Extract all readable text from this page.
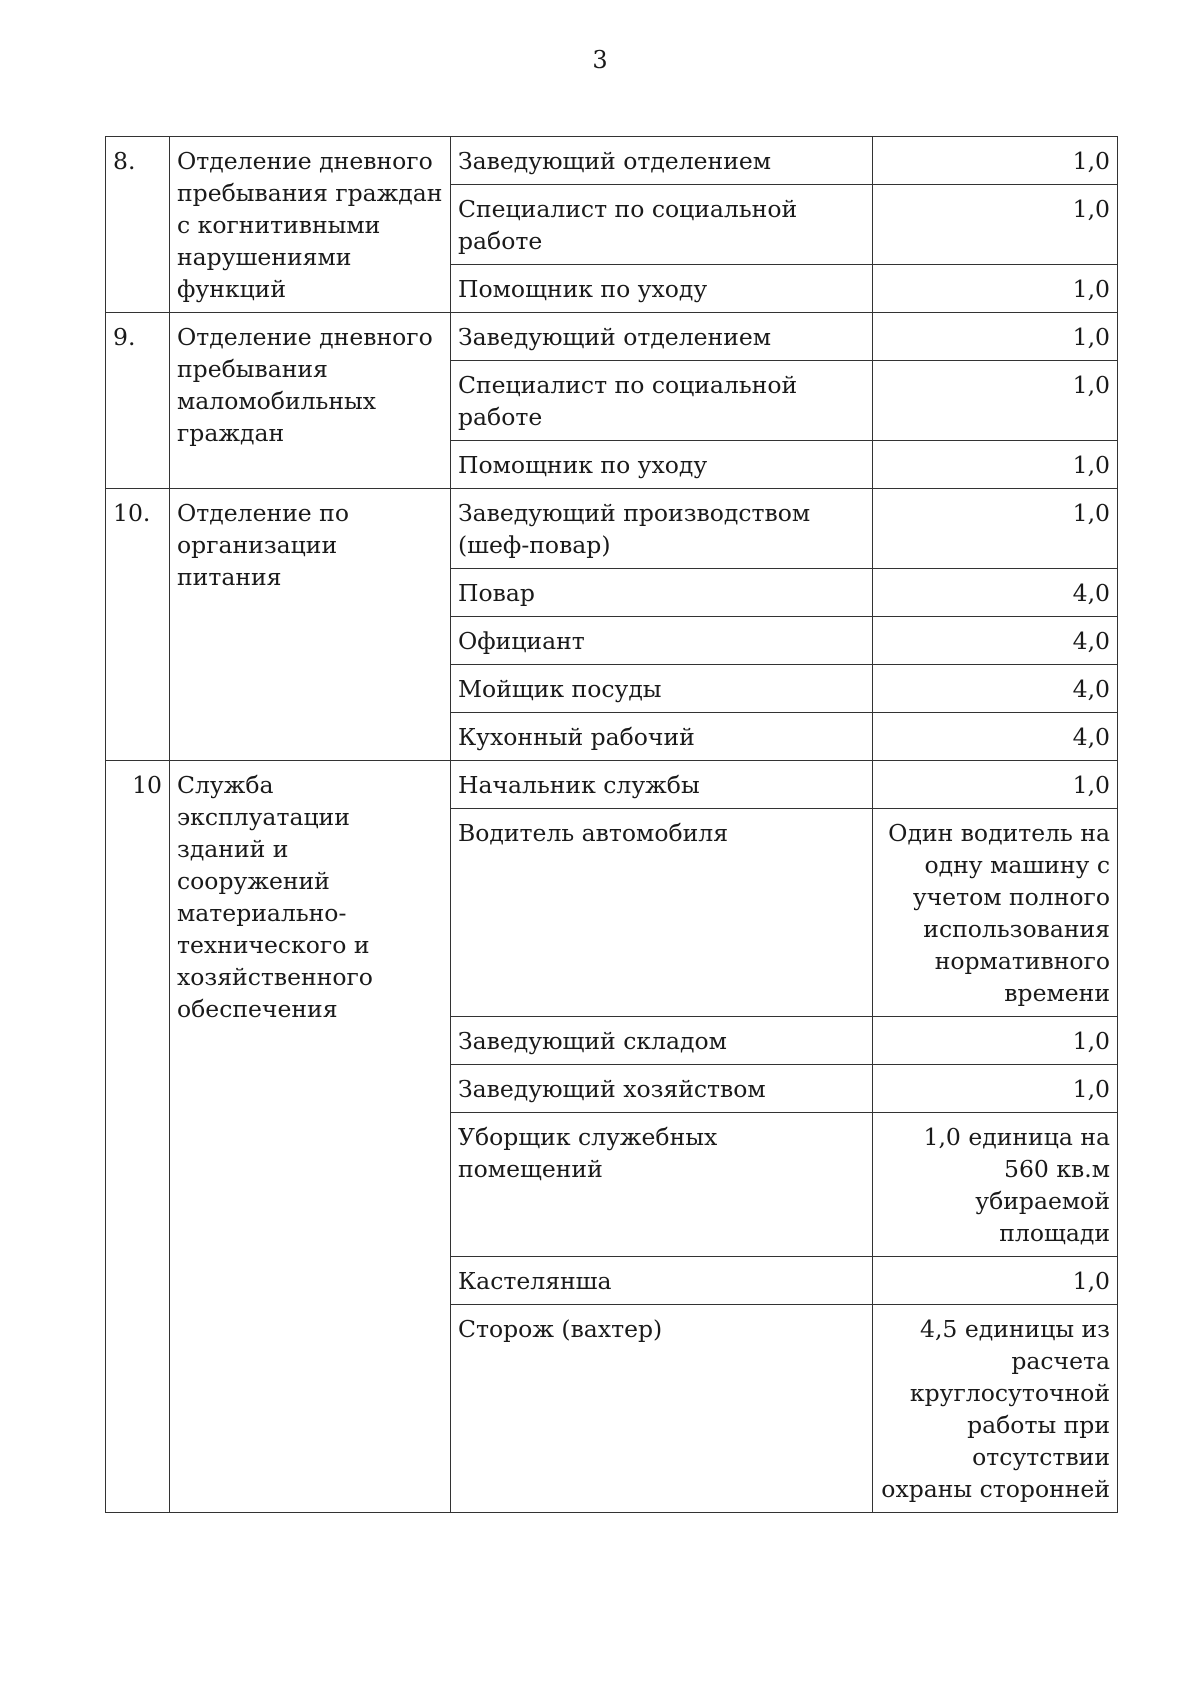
3
8.	Отделение дневного пребывания граждан с когнитивными нарушениями функций	Заведующий отделением	1,0
		Специалист по социальной работе	1,0
		Помощник по уходу	1,0
9.	Отделение дневного пребывания маломобильных граждан	Заведующий отделением	1,0
		Специалист по социальной работе	1,0
		Помощник по уходу	1,0
10.	Отделение по организации питания	Заведующий производством (шеф-повар)	1,0
		Повар	4,0
		Официант	4,0
		Мойщик посуды	4,0
		Кухонный рабочий	4,0
10	Служба эксплуатации зданий и сооружений материально-технического и хозяйственного обеспечения	Начальник службы	1,0
		Водитель автомобиля	Один водитель на одну машину с учетом полного использования нормативного времени
		Заведующий складом	1,0
		Заведующий хозяйством	1,0
		Уборщик служебных помещений	1,0 единица на 560 кв.м убираемой площади
		Кастелянша	1,0
		Сторож (вахтер)	4,5 единицы из расчета круглосуточной работы при отсутствии охраны сторонней
